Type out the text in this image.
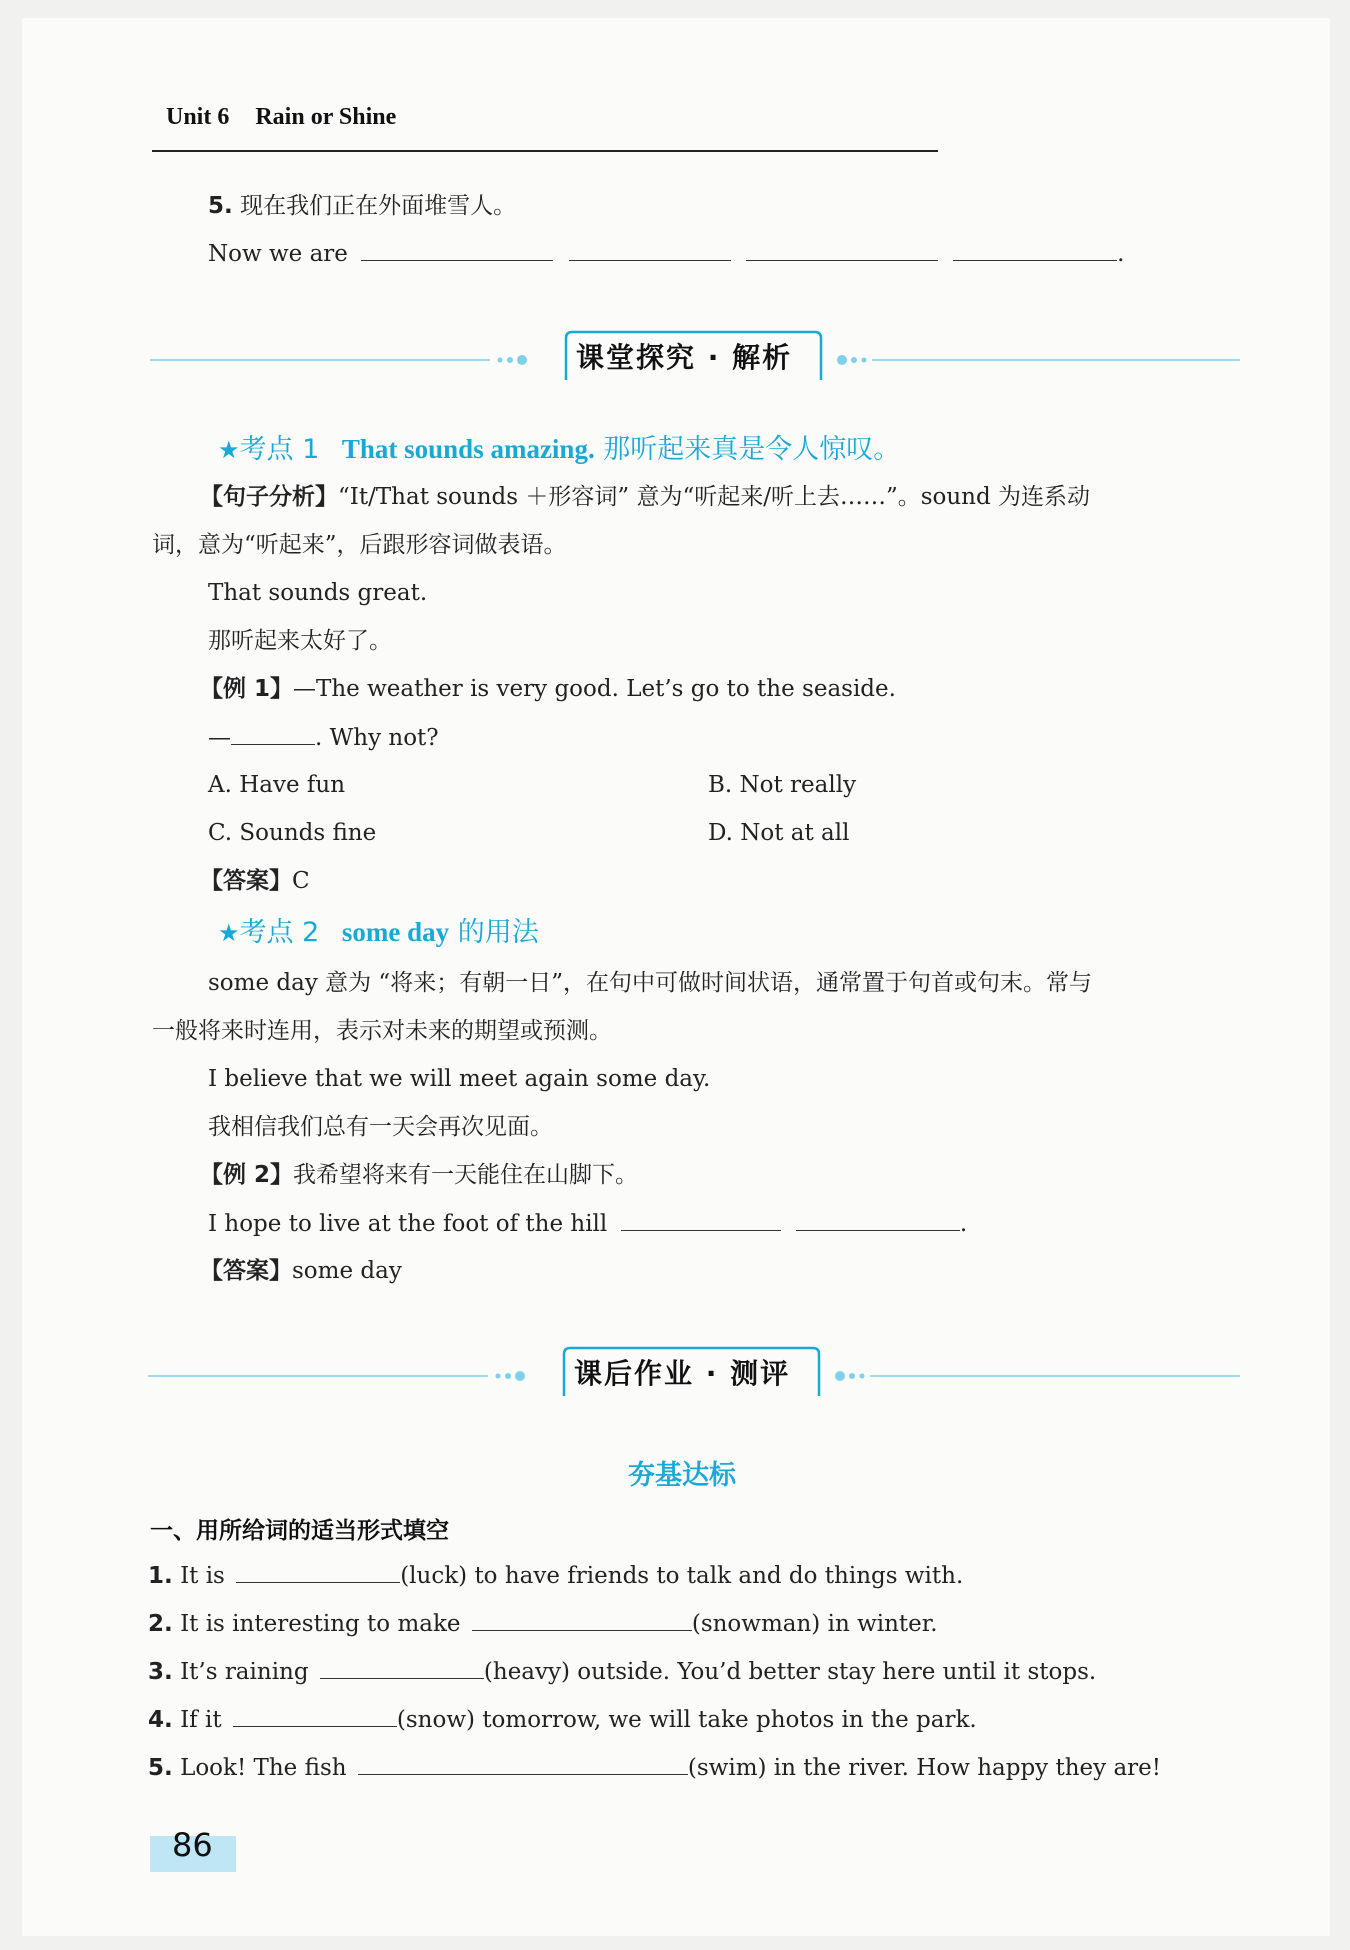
Unit 6 Rain or Shine
5. 现在我们正在外面堆雪人。
Now we are	.
课堂探究 · 解析
★考点 1 That sounds amazing. 那听起来真是令人惊叹。
【句子分析】“It/That sounds ＋形容词” 意为“听起来/听上去……”。sound 为连系动
词，意为“听起来”，后跟形容词做表语。
That sounds great.
那听起来太好了。
【例 1】—The weather is very good. Let’s go to the seaside.
—	. Why not?
A. Have fun	B. Not really
C. Sounds fine	D. Not at all
【答案】C
★考点 2 some day 的用法
some day 意为 “将来；有朝一日”，在句中可做时间状语，通常置于句首或句末。常与
一般将来时连用，表示对未来的期望或预测。
I believe that we will meet again some day.
我相信我们总有一天会再次见面。
【例 2】我希望将来有一天能住在山脚下。
I hope to live at the foot of the hill	.
【答案】some day
课后作业 · 测评
夯基达标
一、用所给词的适当形式填空
1. It is	(luck) to have friends to talk and do things with.
2. It is interesting to make	(snowman) in winter.
3. It’s raining	(heavy) outside. You’d better stay here until it stops.
4. If it	(snow) tomorrow, we will take photos in the park.
5. Look! The fish	(swim) in the river. How happy they are!
86
